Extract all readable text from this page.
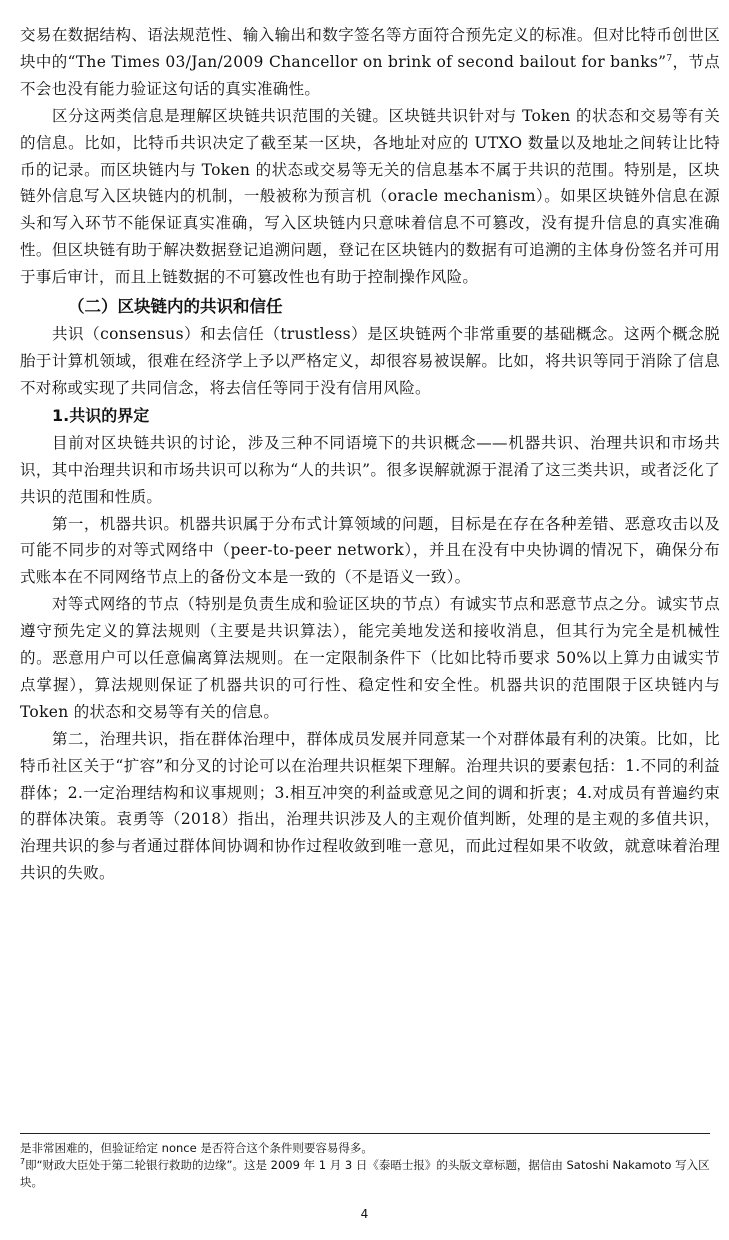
交易在数据结构、语法规范性、输入输出和数字签名等方面符合预先定义的标准。但对比特币创世区块中的“The Times 03/Jan/2009 Chancellor on brink of second bailout for banks”$^7$，节点不会也没有能力验证这句话的真实准确性。

区分这两类信息是理解区块链共识范围的关键。区块链共识针对与 Token 的状态和交易等有关的信息。比如，比特币共识决定了截至某一区块，各地址对应的 UTXO 数量以及地址之间转让比特币的记录。而区块链内与 Token 的状态或交易等无关的信息基本不属于共识的范围。特别是，区块链外信息写入区块链内的机制，一般被称为预言机（oracle mechanism）。如果区块链外信息在源头和写入环节不能保证真实准确，写入区块链内只意味着信息不可篡改，没有提升信息的真实准确性。但区块链有助于解决数据登记追溯问题，登记在区块链内的数据有可追溯的主体身份签名并可用于事后审计，而且上链数据的不可篡改性也有助于控制操作风险。

（二）区块链内的共识和信任

共识（consensus）和去信任（trustless）是区块链两个非常重要的基础概念。这两个概念脱胎于计算机领域，很难在经济学上予以严格定义，却很容易被误解。比如，将共识等同于消除了信息不对称或实现了共同信念，将去信任等同于没有信用风险。

1.共识的界定

目前对区块链共识的讨论，涉及三种不同语境下的共识概念——机器共识、治理共识和市场共识，其中治理共识和市场共识可以称为“人的共识”。很多误解就源于混淆了这三类共识，或者泛化了共识的范围和性质。

第一，机器共识。机器共识属于分布式计算领域的问题，目标是在存在各种差错、恶意攻击以及可能不同步的对等式网络中（peer-to-peer network），并且在没有中央协调的情况下，确保分布式账本在不同网络节点上的备份文本是一致的（不是语义一致）。

对等式网络的节点（特别是负责生成和验证区块的节点）有诚实节点和恶意节点之分。诚实节点遵守预先定义的算法规则（主要是共识算法），能完美地发送和接收消息，但其行为完全是机械性的。恶意用户可以任意偏离算法规则。在一定限制条件下（比如比特币要求 50%以上算力由诚实节点掌握），算法规则保证了机器共识的可行性、稳定性和安全性。机器共识的范围限于区块链内与 Token 的状态和交易等有关的信息。

第二，治理共识，指在群体治理中，群体成员发展并同意某一个对群体最有利的决策。比如，比特币社区关于“扩容”和分叉的讨论可以在治理共识框架下理解。治理共识的要素包括：1.不同的利益群体；2.一定治理结构和议事规则；3.相互冲突的利益或意见之间的调和折衷；4.对成员有普遍约束的群体决策。袁勇等（2018）指出，治理共识涉及人的主观价值判断，处理的是主观的多值共识，治理共识的参与者通过群体间协调和协作过程收敛到唯一意见，而此过程如果不收敛，就意味着治理共识的失败。

是非常困难的，但验证给定 nonce 是否符合这个条件则要容易得多。

$^7$即“财政大臣处于第二轮银行救助的边缘”。这是 2009 年 1 月 3 日《泰晤士报》的头版文章标题，据信由 Satoshi Nakamoto 写入区块。

4
